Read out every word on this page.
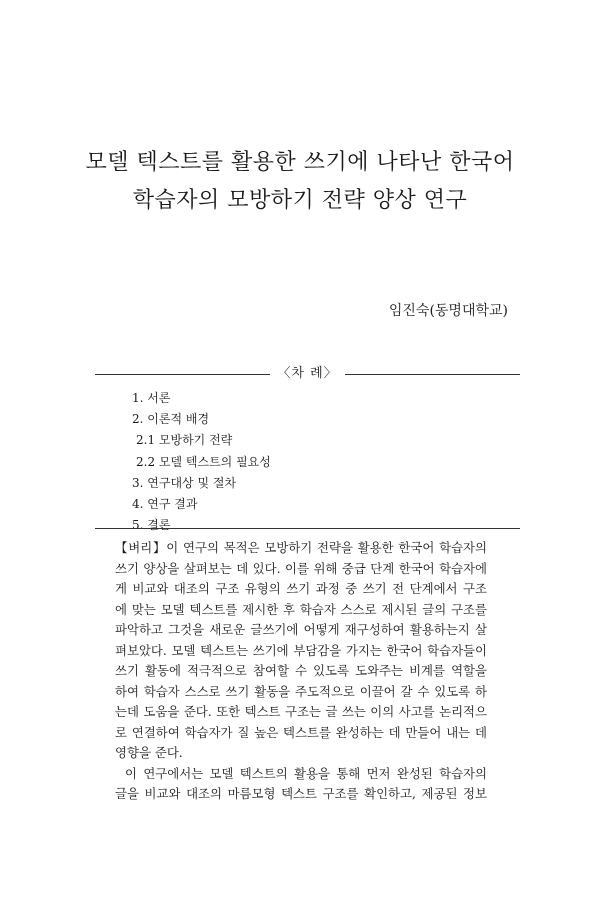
모델 텍스트를 활용한 쓰기에 나타난 한국어
학습자의 모방하기 전략 양상 연구
임진숙(동명대학교)
〈차 례〉
1. 서론
2. 이론적 배경
2.1 모방하기 전략
2.2 모델 텍스트의 필요성
3. 연구대상 및 절차
4. 연구 결과
5. 결론
【벼리】이 연구의 목적은 모방하기 전략을 활용한 한국어 학습자의
쓰기 양상을 살펴보는 데 있다. 이를 위해 중급 단계 한국어 학습자에
게 비교와 대조의 구조 유형의 쓰기 과정 중 쓰기 전 단계에서 구조
에 맞는 모델 텍스트를 제시한 후 학습자 스스로 제시된 글의 구조를
파악하고 그것을 새로운 글쓰기에 어떻게 재구성하여 활용하는지 살
펴보았다. 모델 텍스트는 쓰기에 부담감을 가지는 한국어 학습자들이
쓰기 활동에 적극적으로 참여할 수 있도록 도와주는 비계를 역할을
하여 학습자 스스로 쓰기 활동을 주도적으로 이끌어 갈 수 있도록 하
는데 도움을 준다. 또한 텍스트 구조는 글 쓰는 이의 사고를 논리적으
로 연결하여 학습자가 질 높은 텍스트를 완성하는 데 만들어 내는 데
영향을 준다.
이 연구에서는 모델 텍스트의 활용을 통해 먼저 완성된 학습자의
글을 비교와 대조의 마름모형 텍스트 구조를 확인하고, 제공된 정보
